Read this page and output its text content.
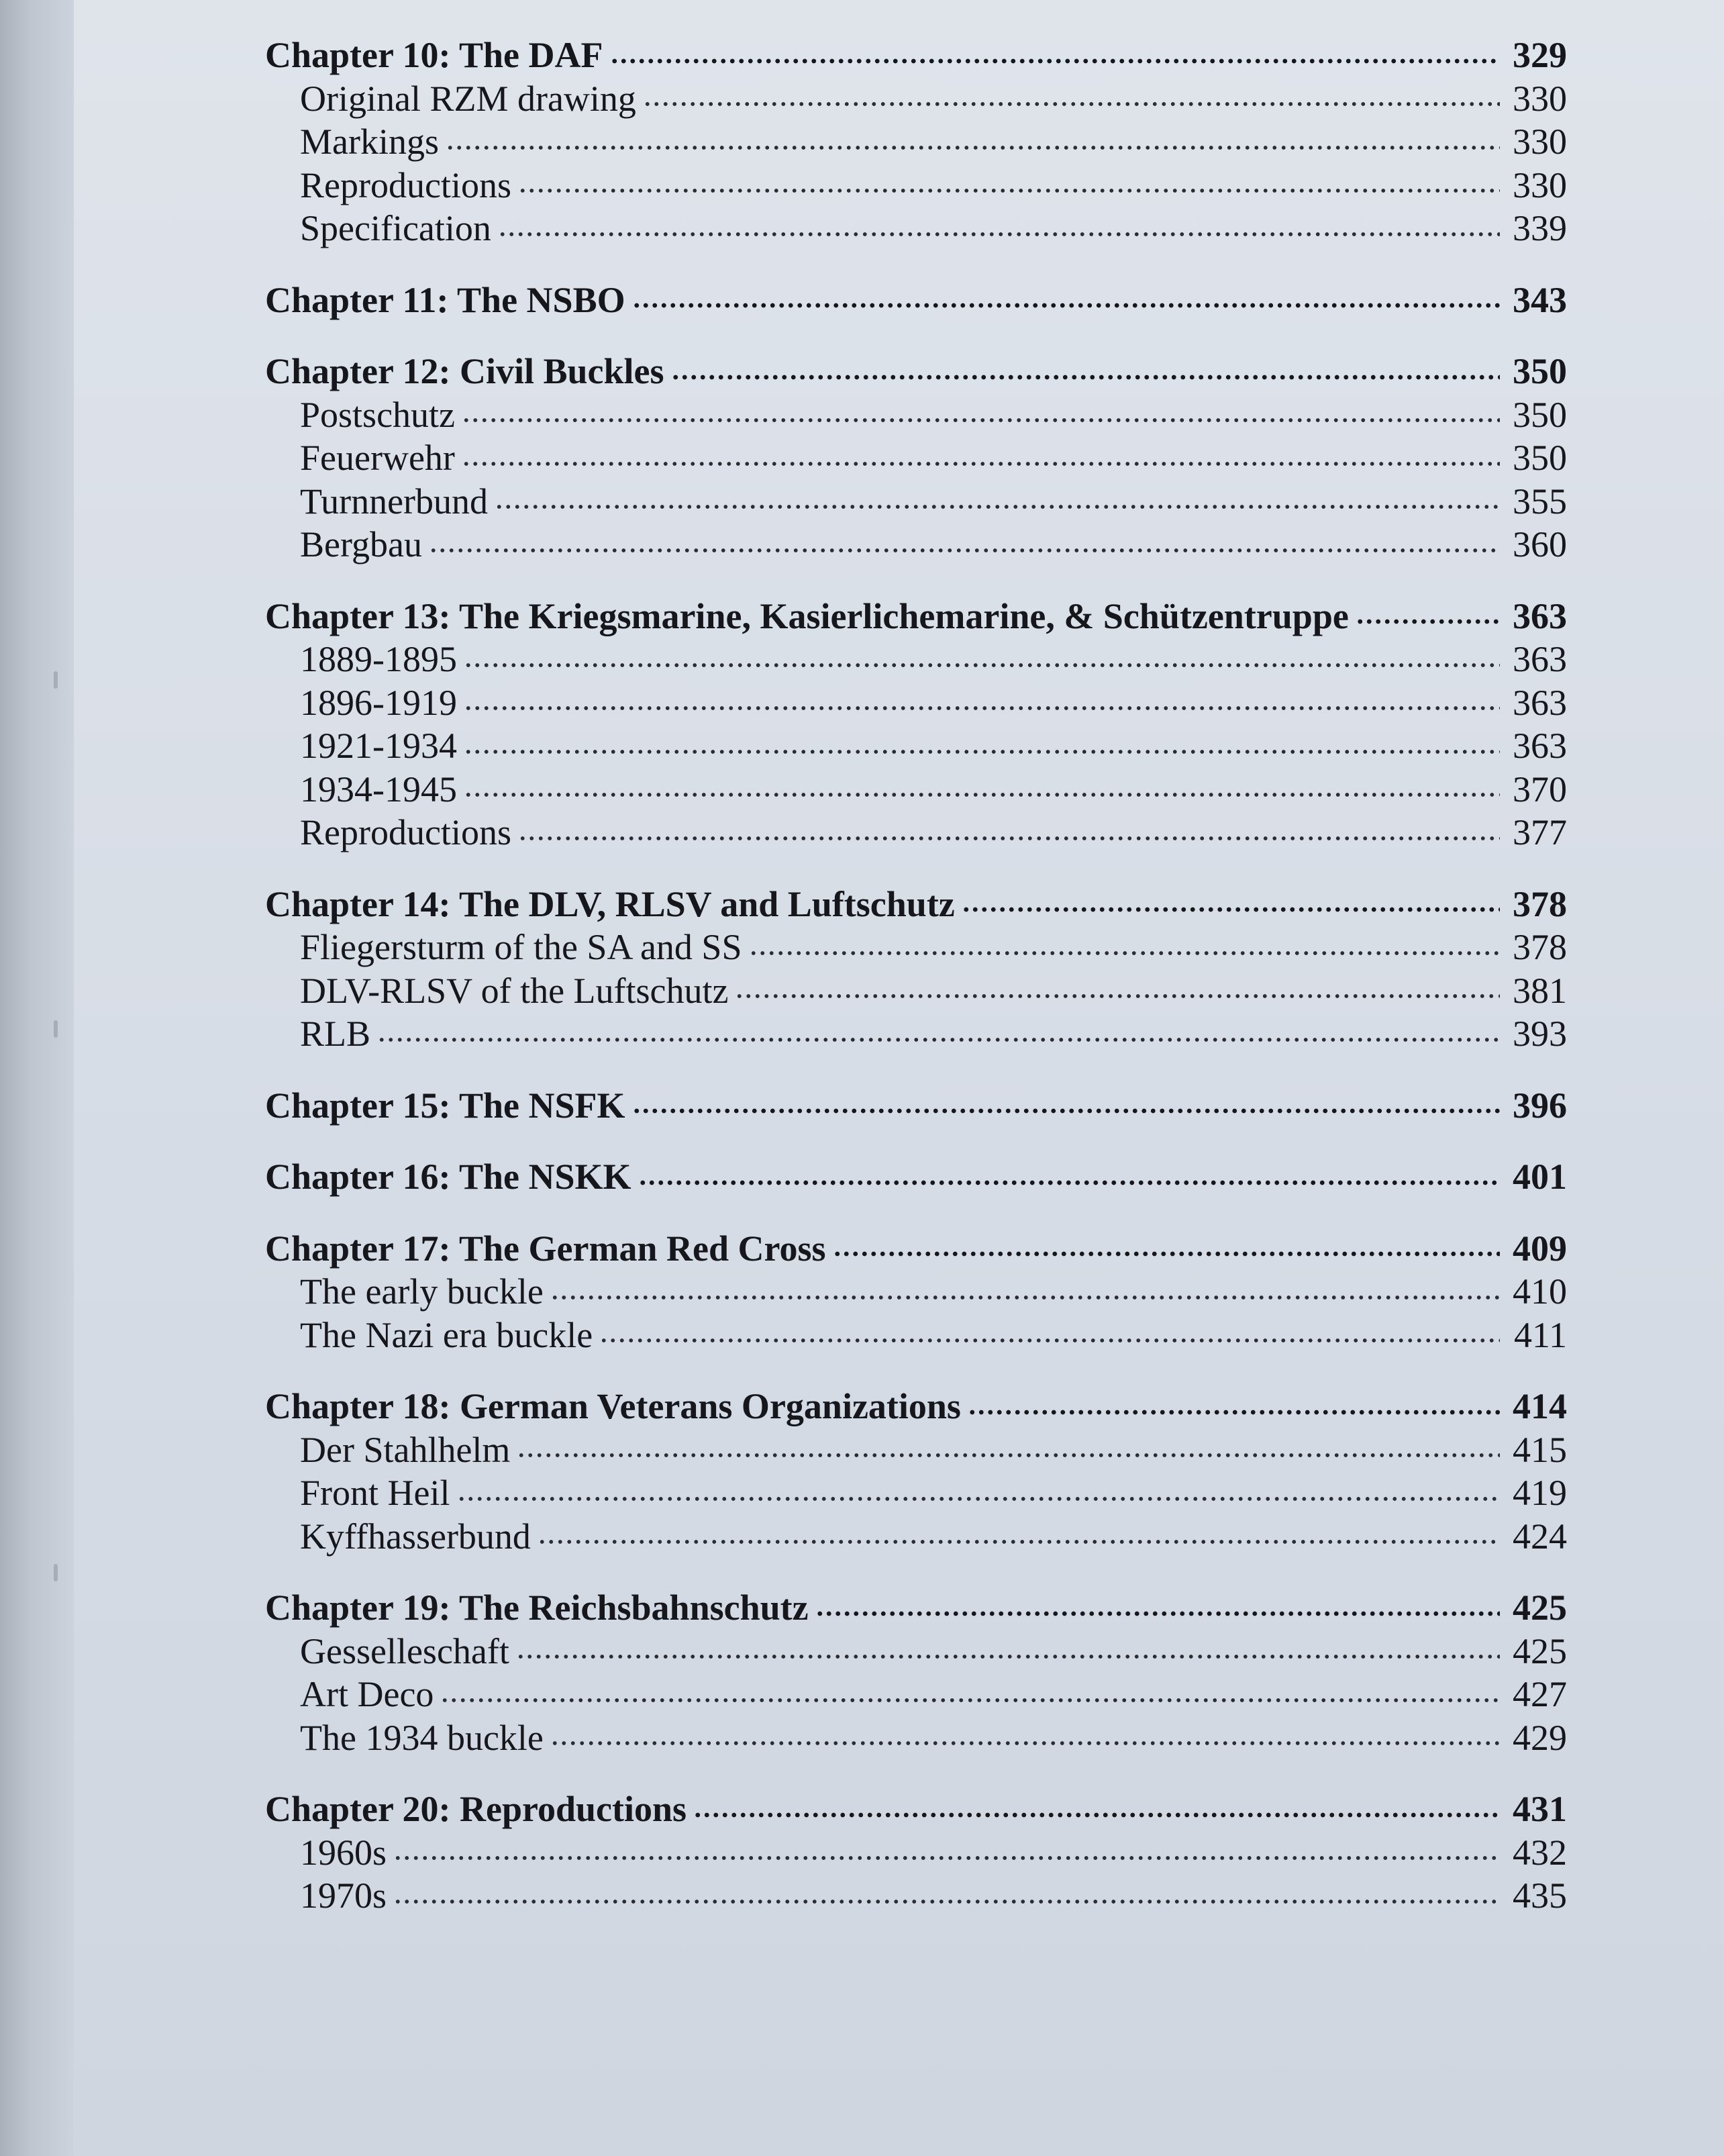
Chapter 10: The DAF	329
Original RZM drawing	330
Markings	330
Reproductions	330
Specification	339
Chapter 11: The NSBO	343
Chapter 12: Civil Buckles	350
Postschutz	350
Feuerwehr	350
Turnnerbund	355
Bergbau	360
Chapter 13: The Kriegsmarine, Kasierlichemarine, & Schützentruppe	363
1889-1895	363
1896-1919	363
1921-1934	363
1934-1945	370
Reproductions	377
Chapter 14: The DLV, RLSV and Luftschutz	378
Fliegersturm of the SA and SS	378
DLV-RLSV of the Luftschutz	381
RLB	393
Chapter 15: The NSFK	396
Chapter 16: The NSKK	401
Chapter 17: The German Red Cross	409
The early buckle	410
The Nazi era buckle	411
Chapter 18: German Veterans Organizations	414
Der Stahlhelm	415
Front Heil	419
Kyffhasserbund	424
Chapter 19: The Reichsbahnschutz	425
Gesselleschaft	425
Art Deco	427
The 1934 buckle	429
Chapter 20: Reproductions	431
1960s	432
1970s	435
